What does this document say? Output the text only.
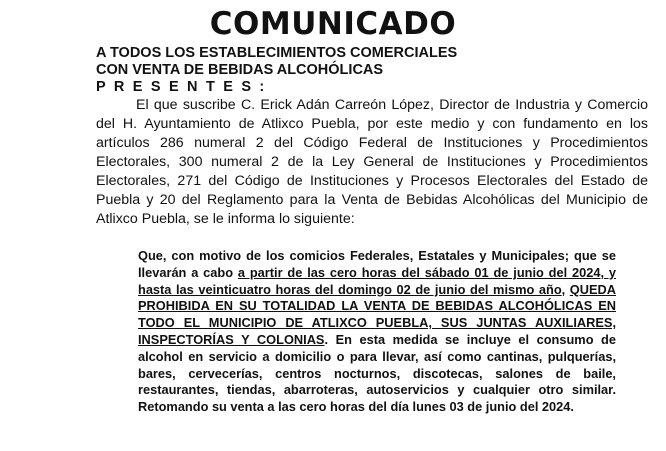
COMUNICADO
A TODOS LOS ESTABLECIMIENTOS COMERCIALES
CON VENTA DE BEBIDAS ALCOHÓLICAS
P R E S E N T E S :
El que suscribe C. Erick Adán Carreón López, Director de Industria y Comercio del H. Ayuntamiento de Atlixco Puebla, por este medio y con fundamento en los artículos 286 numeral 2 del Código Federal de Instituciones y Procedimientos Electorales, 300 numeral 2 de la Ley General de Instituciones y Procedimientos Electorales, 271 del Código de Instituciones y Procesos Electorales del Estado de Puebla y 20 del Reglamento para la Venta de Bebidas Alcohólicas del Municipio de Atlixco Puebla, se le informa lo siguiente:
Que, con motivo de los comicios Federales, Estatales y Municipales; que se llevarán a cabo a partir de las cero horas del sábado 01 de junio del 2024, y hasta las veinticuatro horas del domingo 02 de junio del mismo año, QUEDA PROHIBIDA EN SU TOTALIDAD LA VENTA DE BEBIDAS ALCOHÓLICAS EN TODO EL MUNICIPIO DE ATLIXCO PUEBLA, SUS JUNTAS AUXILIARES, INSPECTORÍAS Y COLONIAS. En esta medida se incluye el consumo de alcohol en servicio a domicilio o para llevar, así como cantinas, pulquerías, bares, cervecerías, centros nocturnos, discotecas, salones de baile, restaurantes, tiendas, abarroteras, autoservicios y cualquier otro similar. Retomando su venta a las cero horas del día lunes 03 de junio del 2024.
